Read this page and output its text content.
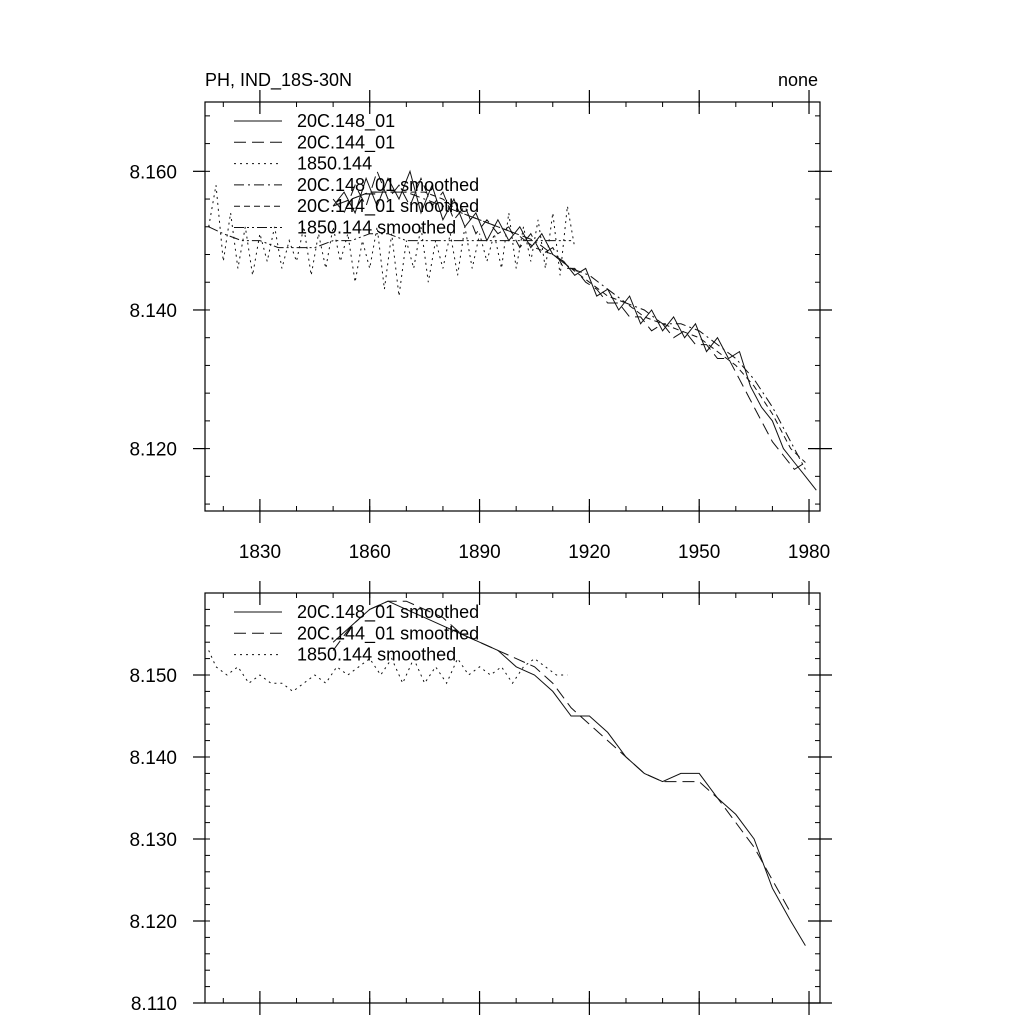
8.120
8.140
8.160
1830	1860	1890	1920	1950	1980
PH, IND_18S-30N	none
20C.148_01
20C.144_01
1850.144
20C.148_01 smoothed
20C.144_01 smoothed
1850.144 smoothed
8.110
8.120
8.130
8.140
8.150
20C.148_01 smoothed
20C.144_01 smoothed
1850.144 smoothed
